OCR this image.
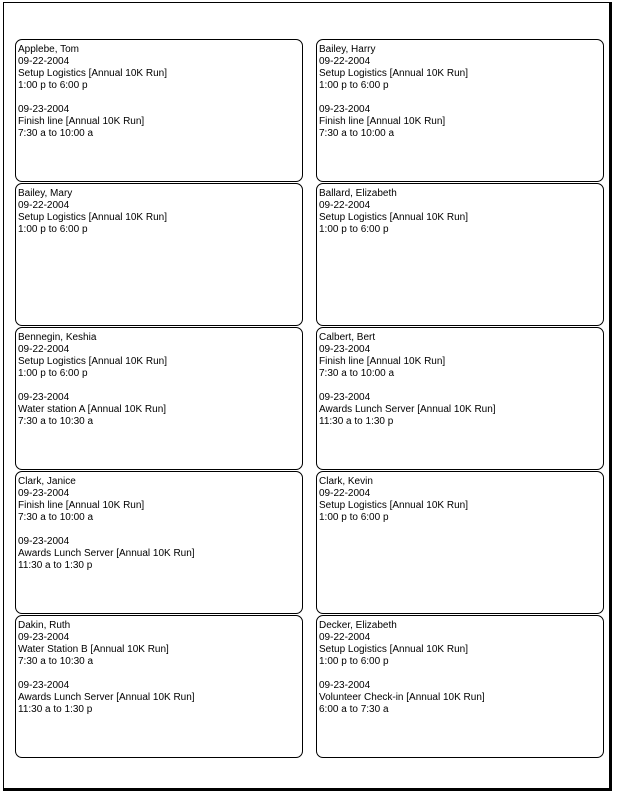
Applebe, Tom
09-22-2004
Setup Logistics [Annual 10K Run]
1:00 p to 6:00 p
09-23-2004
Finish line [Annual 10K Run]
7:30 a to 10:00 a
Bailey, Harry
09-22-2004
Setup Logistics [Annual 10K Run]
1:00 p to 6:00 p
09-23-2004
Finish line [Annual 10K Run]
7:30 a to 10:00 a
Bailey, Mary
09-22-2004
Setup Logistics [Annual 10K Run]
1:00 p to 6:00 p
Ballard, Elizabeth
09-22-2004
Setup Logistics [Annual 10K Run]
1:00 p to 6:00 p
Bennegin, Keshia
09-22-2004
Setup Logistics [Annual 10K Run]
1:00 p to 6:00 p
09-23-2004
Water station A [Annual 10K Run]
7:30 a to 10:30 a
Calbert, Bert
09-23-2004
Finish line [Annual 10K Run]
7:30 a to 10:00 a
09-23-2004
Awards Lunch Server [Annual 10K Run]
11:30 a to 1:30 p
Clark, Janice
09-23-2004
Finish line [Annual 10K Run]
7:30 a to 10:00 a
09-23-2004
Awards Lunch Server [Annual 10K Run]
11:30 a to 1:30 p
Clark, Kevin
09-22-2004
Setup Logistics [Annual 10K Run]
1:00 p to 6:00 p
Dakin, Ruth
09-23-2004
Water Station B [Annual 10K Run]
7:30 a to 10:30 a
09-23-2004
Awards Lunch Server [Annual 10K Run]
11:30 a to 1:30 p
Decker, Elizabeth
09-22-2004
Setup Logistics [Annual 10K Run]
1:00 p to 6:00 p
09-23-2004
Volunteer Check-in [Annual 10K Run]
6:00 a to 7:30 a
